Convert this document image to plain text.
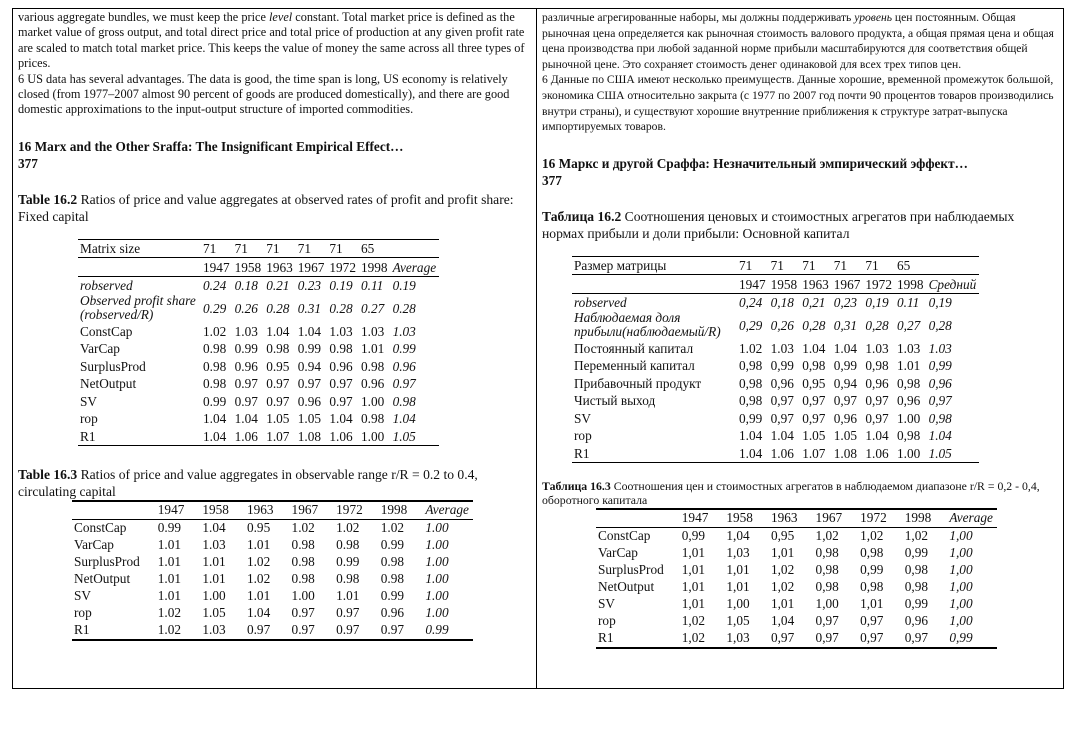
various aggregate bundles, we must keep the price level constant. Total market price is defined as the market value of gross output, and total direct price and total price of production at any given profit rate are scaled to match total market price. This keeps the value of money the same across all three types of prices.

6 US data has several advantages. The data is good, the time span is long, US economy is relatively closed (from 1977–2007 almost 90 percent of goods are produced domestically), and there are good domestic approximations to the input-output structure of imported commodities.

16 Marx and the Other Sraffa: The Insignificant Empirical Effect…

377

Table 16.2 Ratios of price and value aggregates at observed rates of profit and profit share: Fixed capital

Matrix size	71	71	71	71	71	65	
	1947	1958	1963	1967	1972	1998	Average
robserved	0.24	0.18	0.21	0.23	0.19	0.11	0.19
Observed profit share (robserved/R)	0.29	0.26	0.28	0.31	0.28	0.27	0.28
ConstCap	1.02	1.03	1.04	1.04	1.03	1.03	1.03
VarCap	0.98	0.99	0.98	0.99	0.98	1.01	0.99
SurplusProd	0.98	0.96	0.95	0.94	0.96	0.98	0.96
NetOutput	0.98	0.97	0.97	0.97	0.97	0.96	0.97
SV	0.99	0.97	0.97	0.96	0.97	1.00	0.98
rop	1.04	1.04	1.05	1.05	1.04	0.98	1.04
R1	1.04	1.06	1.07	1.08	1.06	1.00	1.05

Table 16.3 Ratios of price and value aggregates in observable range r/R = 0.2 to 0.4, circulating capital

	1947	1958	1963	1967	1972	1998	Average
ConstCap	0.99	1.04	0.95	1.02	1.02	1.02	1.00
VarCap	1.01	1.03	1.01	0.98	0.98	0.99	1.00
SurplusProd	1.01	1.01	1.02	0.98	0.99	0.98	1.00
NetOutput	1.01	1.01	1.02	0.98	0.98	0.98	1.00
SV	1.01	1.00	1.01	1.00	1.01	0.99	1.00
rop	1.02	1.05	1.04	0.97	0.97	0.96	1.00
R1	1.02	1.03	0.97	0.97	0.97	0.97	0.99

различные агрегированные наборы, мы должны поддерживать уровень цен постоянным. Общая рыночная цена определяется как рыночная стоимость валового продукта, а общая прямая цена и общая цена производства при любой заданной норме прибыли масштабируются для соответствия общей рыночной цене. Это сохраняет стоимость денег одинаковой для всех трех типов цен.

6 Данные по США имеют несколько преимуществ. Данные хорошие, временной промежуток большой, экономика США относительно закрыта (с 1977 по 2007 год почти 90 процентов товаров производились внутри страны), и существуют хорошие внутренние приближения к структуре затрат-выпуска импортируемых товаров.

16 Маркс и другой Сраффа: Незначительный эмпирический эффект…

377

Таблица 16.2 Соотношения ценовых и стоимостных агрегатов при наблюдаемых нормах прибыли и доли прибыли: Основной капитал

Размер матрицы	71	71	71	71	71	65	
	1947	1958	1963	1967	1972	1998	Средний
robserved	0,24	0,18	0,21	0,23	0,19	0.11	0,19
Наблюдаемая доля прибыли(наблюдаемый/R)	0,29	0,26	0,28	0,31	0,28	0,27	0,28
Постоянный капитал	1.02	1.03	1.04	1.04	1.03	1.03	1.03
Переменный капитал	0,98	0,99	0,98	0,99	0,98	1.01	0,99
Прибавочный продукт	0,98	0,96	0,95	0,94	0,96	0,98	0,96
Чистый выход	0,98	0,97	0,97	0,97	0,97	0,96	0,97
SV	0,99	0,97	0,97	0,96	0,97	1.00	0,98
rop	1.04	1.04	1.05	1.05	1.04	0,98	1.04
R1	1.04	1.06	1.07	1.08	1.06	1.00	1.05

Таблица 16.3 Соотношения цен и стоимостных агрегатов в наблюдаемом диапазоне r/R = 0,2 - 0,4, оборотного капитала

	1947	1958	1963	1967	1972	1998	Average
ConstCap	0,99	1,04	0,95	1,02	1,02	1,02	1,00
VarCap	1,01	1,03	1,01	0,98	0,98	0,99	1,00
SurplusProd	1,01	1,01	1,02	0,98	0,99	0,98	1,00
NetOutput	1,01	1,01	1,02	0,98	0,98	0,98	1,00
SV	1,01	1,00	1,01	1,00	1,01	0,99	1,00
rop	1,02	1,05	1,04	0,97	0,97	0,96	1,00
R1	1,02	1,03	0,97	0,97	0,97	0,97	0,99
